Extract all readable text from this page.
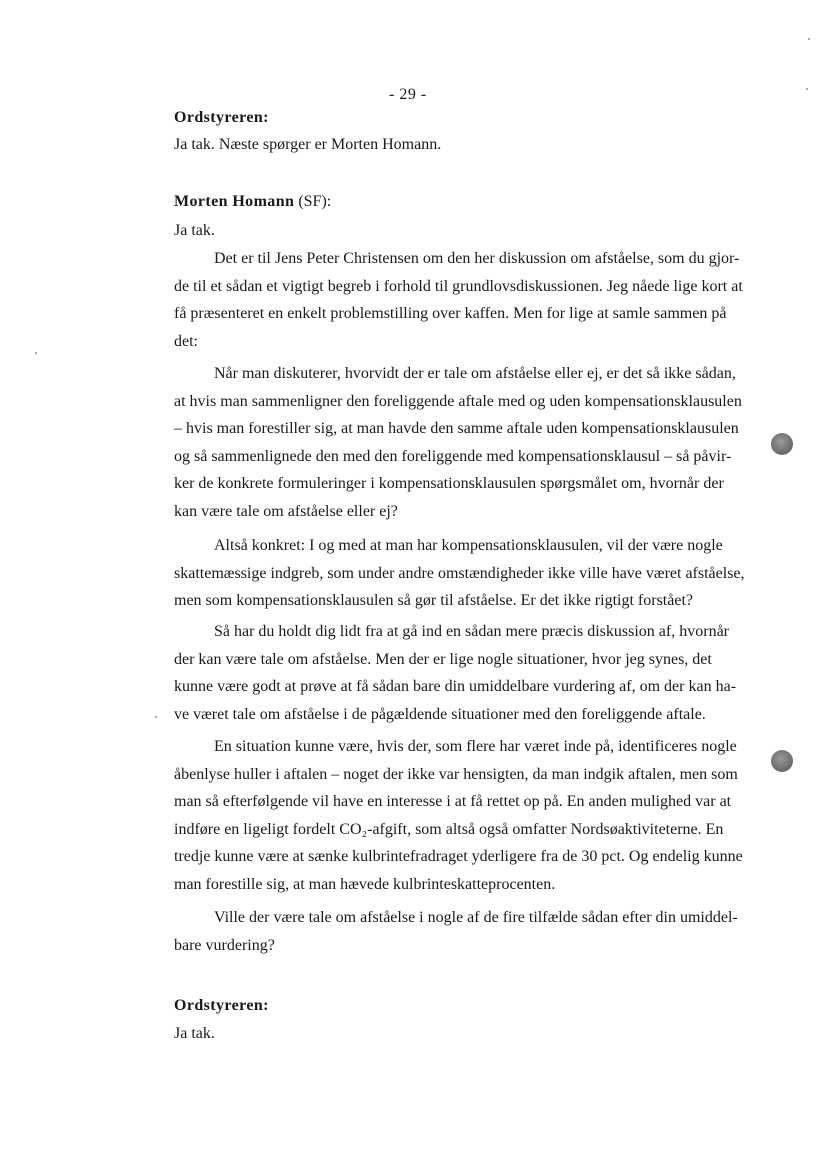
- 29 -
Ordstyreren:
Ja tak. Næste spørger er Morten Homann.
Morten Homann (SF):
Ja tak.
Det er til Jens Peter Christensen om den her diskussion om afståelse, som du gjor-
de til et sådan et vigtigt begreb i forhold til grundlovsdiskussionen. Jeg nåede lige kort at
få præsenteret en enkelt problemstilling over kaffen. Men for lige at samle sammen på
det:
Når man diskuterer, hvorvidt der er tale om afståelse eller ej, er det så ikke sådan,
at hvis man sammenligner den foreliggende aftale med og uden kompensationsklausulen
– hvis man forestiller sig, at man havde den samme aftale uden kompensationsklausulen
og så sammenlignede den med den foreliggende med kompensationsklausul – så påvir-
ker de konkrete formuleringer i kompensationsklausulen spørgsmålet om, hvornår der
kan være tale om afståelse eller ej?
Altså konkret: I og med at man har kompensationsklausulen, vil der være nogle
skattemæssige indgreb, som under andre omstændigheder ikke ville have været afståelse,
men som kompensationsklausulen så gør til afståelse. Er det ikke rigtigt forstået?
Så har du holdt dig lidt fra at gå ind en sådan mere præcis diskussion af, hvornår
der kan være tale om afståelse. Men der er lige nogle situationer, hvor jeg synes, det
kunne være godt at prøve at få sådan bare din umiddelbare vurdering af, om der kan ha-
ve været tale om afståelse i de pågældende situationer med den foreliggende aftale.
En situation kunne være, hvis der, som flere har været inde på, identificeres nogle
åbenlyse huller i aftalen – noget der ikke var hensigten, da man indgik aftalen, men som
man så efterfølgende vil have en interesse i at få rettet op på. En anden mulighed var at
indføre en ligeligt fordelt CO₂-afgift, som altså også omfatter Nordsøaktiviteterne. En
tredje kunne være at sænke kulbrintefradraget yderligere fra de 30 pct. Og endelig kunne
man forestille sig, at man hævede kulbrinteskatteprocenten.
Ville der være tale om afståelse i nogle af de fire tilfælde sådan efter din umiddel-
bare vurdering?
Ordstyreren:
Ja tak.
